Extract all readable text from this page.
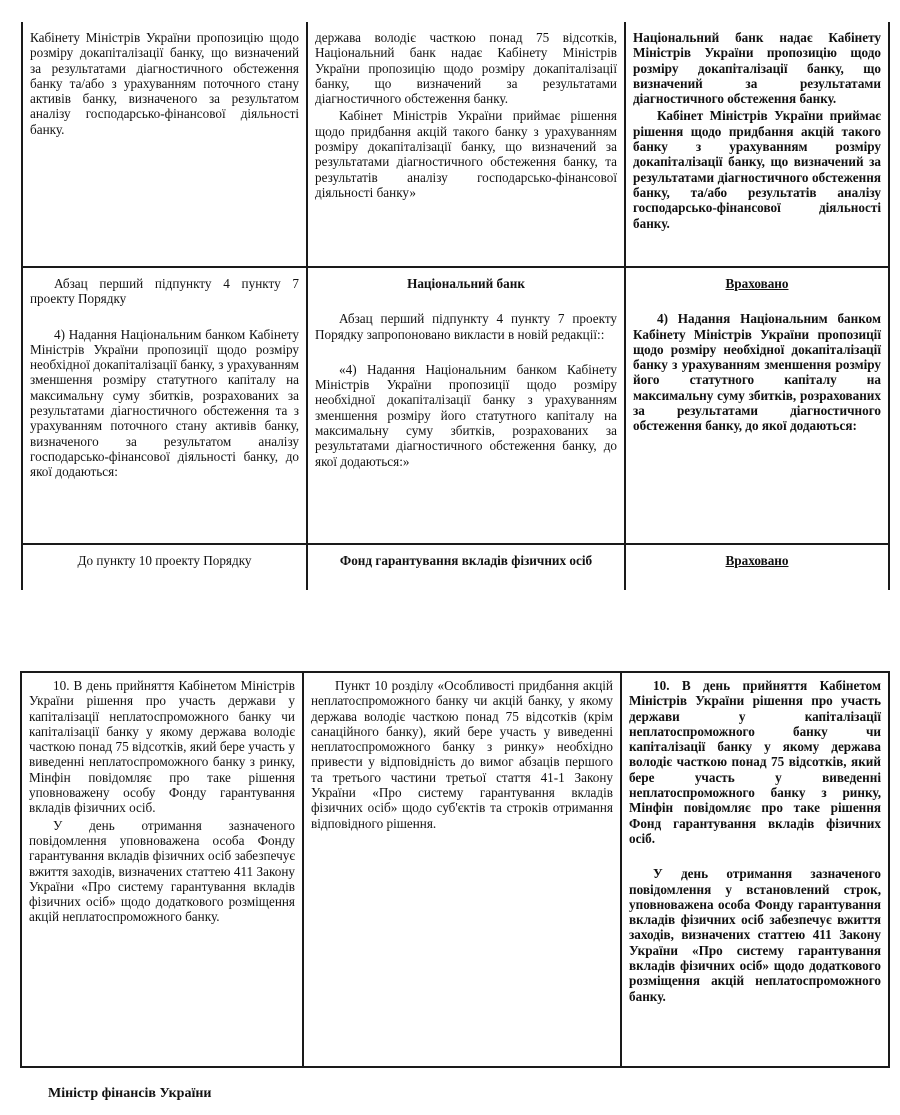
Кабінету Міністрів України пропозицію щодо розміру докапіталізації банку, що визначений за результатами діагностичного обстеження банку та/або з урахуванням поточного стану активів банку, визначеного за результатом аналізу господарсько-фінансової діяльності банку.

держава володіє часткою понад 75 відсотків, Національний банк надає Кабінету Міністрів України пропозицію щодо розміру докапіталізації банку, що визначений за результатами діагностичного обстеження банку.

Кабінет Міністрів України приймає рішення щодо придбання акцій такого банку з урахуванням розміру докапіталізації банку, що визначений за результатами діагностичного обстеження банку, та результатів аналізу господарсько-фінансової діяльності банку»

Національний банк надає Кабінету Міністрів України пропозицію щодо розміру докапіталізації банку, що визначений за результатами діагностичного обстеження банку.

Кабінет Міністрів України приймає рішення щодо придбання акцій такого банку з урахуванням розміру докапіталізації банку, що визначений за результатами діагностичного обстеження банку, та/або результатів аналізу господарсько-фінансової діяльності банку.

Абзац перший підпункту 4 пункту 7 проекту Порядку

4) Надання Національним банком Кабінету Міністрів України пропозиції щодо розміру необхідної докапіталізації банку, з урахуванням зменшення розміру статутного капіталу на максимальну суму збитків, розрахованих за результатами діагностичного обстеження та з урахуванням поточного стану активів банку, визначеного за результатом аналізу господарсько-фінансової діяльності банку, до якої додаються:

Національний банк

Абзац перший підпункту 4 пункту 7 проекту Порядку запропоновано викласти в новій редакції::

«4) Надання Національним банком Кабінету Міністрів України пропозиції щодо розміру необхідної докапіталізації банку з урахуванням зменшення розміру його статутного капіталу на максимальну суму збитків, розрахованих за результатами діагностичного обстеження банку, до якої додаються:»

Враховано

4) Надання Національним банком Кабінету Міністрів України пропозиції щодо розміру необхідної докапіталізації банку з урахуванням зменшення розміру його статутного капіталу на максимальну суму збитків, розрахованих за результатами діагностичного обстеження банку, до якої додаються:

До пункту 10 проекту Порядку	Фонд гарантування вкладів фізичних осіб	Враховано

10. В день прийняття Кабінетом Міністрів України рішення про участь держави у капіталізації неплатоспроможного банку чи капіталізації банку у якому держава володіє часткою понад 75 відсотків, який бере участь у виведенні неплатоспроможного банку з ринку, Мінфін повідомляє про таке рішення уповноважену особу Фонду гарантування вкладів фізичних осіб.

У день отримання зазначеного повідомлення уповноважена особа Фонду гарантування вкладів фізичних осіб забезпечує вжиття заходів, визначених статтею 411 Закону України «Про систему гарантування вкладів фізичних осіб» щодо додаткового розміщення акцій неплатоспроможного банку.

Пункт 10 розділу «Особливості придбання акцій неплатоспроможного банку чи акцій банку, у якому держава володіє часткою понад 75 відсотків (крім санаційного банку), який бере участь у виведенні неплатоспроможного банку з ринку» необхідно привести у відповідність до вимог абзаців першого та третього частини третьої стаття 41-1 Закону України «Про систему гарантування вкладів фізичних осіб» щодо суб'єктів та строків отримання відповідного рішення.

10. В день прийняття Кабінетом Міністрів України рішення про участь держави у капіталізації неплатоспроможного банку чи капіталізації банку у якому держава володіє часткою понад 75 відсотків, який бере участь у виведенні неплатоспроможного банку з ринку, Мінфін повідомляє про таке рішення Фонд гарантування вкладів фізичних осіб.

У день отримання зазначеного повідомлення у встановлений строк, уповноважена особа Фонду гарантування вкладів фізичних осіб забезпечує вжиття заходів, визначених статтею 411 Закону України «Про систему гарантування вкладів фізичних осіб» щодо додаткового розміщення акцій неплатоспроможного банку.

Міністр фінансів України
